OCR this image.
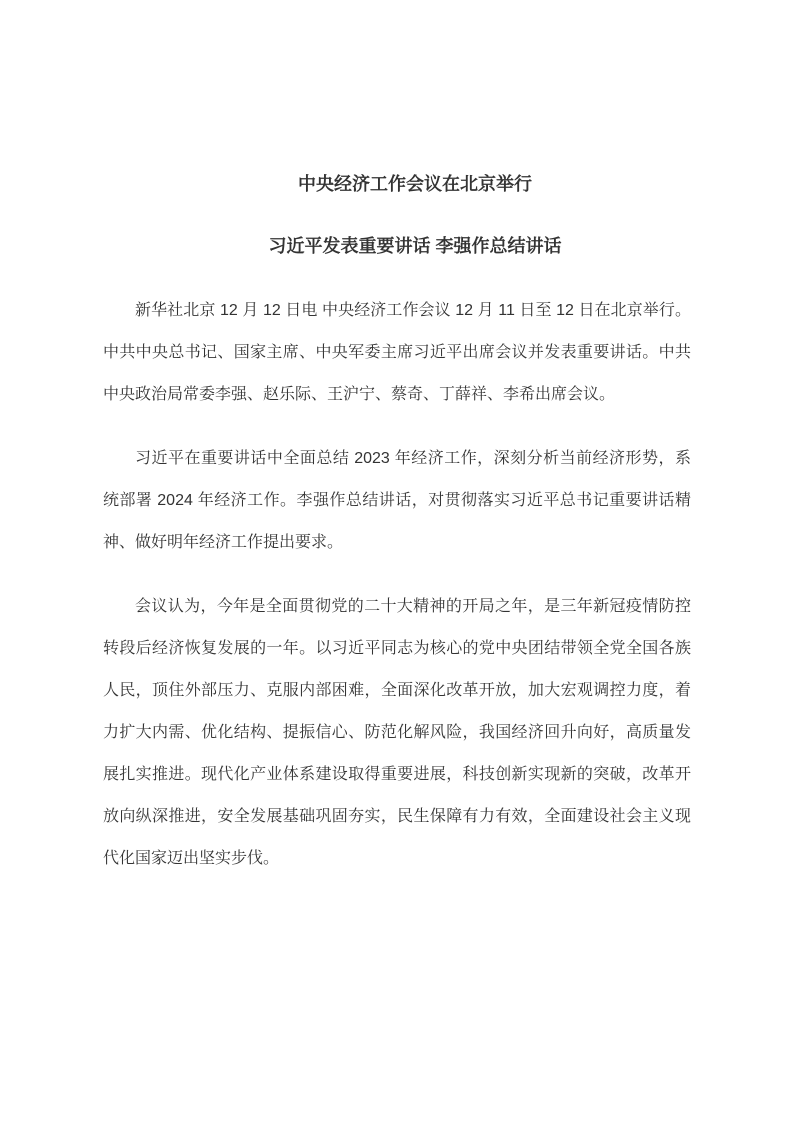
中央经济工作会议在北京举行
习近平发表重要讲话 李强作总结讲话

新华社北京 12 月 12 日电 中央经济工作会议 12 月 11 日至 12 日在北京举行。中共中央总书记、国家主席、中央军委主席习近平出席会议并发表重要讲话。中共中央政治局常委李强、赵乐际、王沪宁、蔡奇、丁薛祥、李希出席会议。

习近平在重要讲话中全面总结 2023 年经济工作，深刻分析当前经济形势，系统部署 2024 年经济工作。李强作总结讲话，对贯彻落实习近平总书记重要讲话精神、做好明年经济工作提出要求。

会议认为，今年是全面贯彻党的二十大精神的开局之年，是三年新冠疫情防控转段后经济恢复发展的一年。以习近平同志为核心的党中央团结带领全党全国各族人民，顶住外部压力、克服内部困难，全面深化改革开放，加大宏观调控力度，着力扩大内需、优化结构、提振信心、防范化解风险，我国经济回升向好，高质量发展扎实推进。现代化产业体系建设取得重要进展，科技创新实现新的突破，改革开放向纵深推进，安全发展基础巩固夯实，民生保障有力有效，全面建设社会主义现代化国家迈出坚实步伐。
